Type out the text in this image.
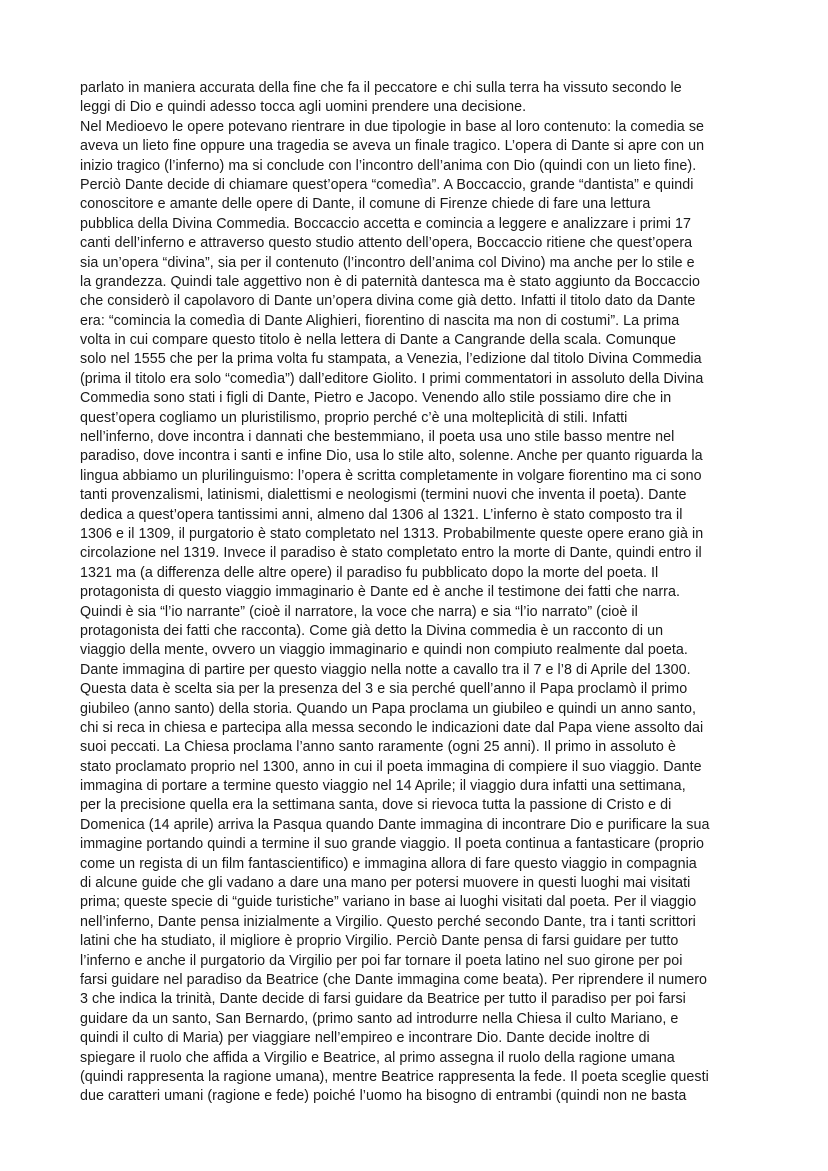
parlato in maniera accurata della fine che fa il peccatore e chi sulla terra ha vissuto secondo le
leggi di Dio e quindi adesso tocca agli uomini prendere una decisione.
Nel Medioevo le opere potevano rientrare in due tipologie in base al loro contenuto: la comedia se
aveva un lieto fine oppure una tragedia se aveva un finale tragico. L’opera di Dante si apre con un
inizio tragico (l’inferno) ma si conclude con l’incontro dell’anima con Dio (quindi con un lieto fine).
Perciò Dante decide di chiamare quest’opera “comedìa”. A Boccaccio, grande “dantista” e quindi
conoscitore e amante delle opere di Dante, il comune di Firenze chiede di fare una lettura
pubblica della Divina Commedia. Boccaccio accetta e comincia a leggere e analizzare i primi 17
canti dell’inferno e attraverso questo studio attento dell’opera, Boccaccio ritiene che quest’opera
sia un’opera “divina”, sia per il contenuto (l’incontro dell’anima col Divino) ma anche per lo stile e
la grandezza. Quindi tale aggettivo non è di paternità dantesca ma è stato aggiunto da Boccaccio
che considerò il capolavoro di Dante un’opera divina come già detto. Infatti il titolo dato da Dante
era: “comincia la comedìa di Dante Alighieri, fiorentino di nascita ma non di costumi”. La prima
volta in cui compare questo titolo è nella lettera di Dante a Cangrande della scala. Comunque
solo nel 1555 che per la prima volta fu stampata, a Venezia, l’edizione dal titolo Divina Commedia
(prima il titolo era solo “comedìa”) dall’editore Giolito. I primi commentatori in assoluto della Divina
Commedia sono stati i figli di Dante, Pietro e Jacopo. Venendo allo stile possiamo dire che in
quest’opera cogliamo un pluristilismo, proprio perché c’è una molteplicità di stili. Infatti
nell’inferno, dove incontra i dannati che bestemmiano, il poeta usa uno stile basso mentre nel
paradiso, dove incontra i santi e infine Dio, usa lo stile alto, solenne. Anche per quanto riguarda la
lingua abbiamo un plurilinguismo: l’opera è scritta completamente in volgare fiorentino ma ci sono
tanti provenzalismi, latinismi, dialettismi e neologismi (termini nuovi che inventa il poeta). Dante
dedica a quest’opera tantissimi anni, almeno dal 1306 al 1321. L’inferno è stato composto tra il
1306 e il 1309, il purgatorio è stato completato nel 1313. Probabilmente queste opere erano già in
circolazione nel 1319. Invece il paradiso è stato completato entro la morte di Dante, quindi entro il
1321 ma (a differenza delle altre opere) il paradiso fu pubblicato dopo la morte del poeta. Il
protagonista di questo viaggio immaginario è Dante ed è anche il testimone dei fatti che narra.
Quindi è sia “l’io narrante” (cioè il narratore, la voce che narra) e sia “l’io narrato” (cioè il
protagonista dei fatti che racconta). Come già detto la Divina commedia è un racconto di un
viaggio della mente, ovvero un viaggio immaginario e quindi non compiuto realmente dal poeta.
Dante immagina di partire per questo viaggio nella notte a cavallo tra il 7 e l’8 di Aprile del 1300.
Questa data è scelta sia per la presenza del 3 e sia perché quell’anno il Papa proclamò il primo
giubileo (anno santo) della storia. Quando un Papa proclama un giubileo e quindi un anno santo,
chi si reca in chiesa e partecipa alla messa secondo le indicazioni date dal Papa viene assolto dai
suoi peccati. La Chiesa proclama l’anno santo raramente (ogni 25 anni). Il primo in assoluto è
stato proclamato proprio nel 1300, anno in cui il poeta immagina di compiere il suo viaggio. Dante
immagina di portare a termine questo viaggio nel 14 Aprile; il viaggio dura infatti una settimana,
per la precisione quella era la settimana santa, dove si rievoca tutta la passione di Cristo e di
Domenica (14 aprile) arriva la Pasqua quando Dante immagina di incontrare Dio e purificare la sua
immagine portando quindi a termine il suo grande viaggio. Il poeta continua a fantasticare (proprio
come un regista di un film fantascientifico) e immagina allora di fare questo viaggio in compagnia
di alcune guide che gli vadano a dare una mano per potersi muovere in questi luoghi mai visitati
prima; queste specie di “guide turistiche” variano in base ai luoghi visitati dal poeta. Per il viaggio
nell’inferno, Dante pensa inizialmente a Virgilio. Questo perché secondo Dante, tra i tanti scrittori
latini che ha studiato, il migliore è proprio Virgilio. Perciò Dante pensa di farsi guidare per tutto
l’inferno e anche il purgatorio da Virgilio per poi far tornare il poeta latino nel suo girone per poi
farsi guidare nel paradiso da Beatrice (che Dante immagina come beata). Per riprendere il numero
3 che indica la trinità, Dante decide di farsi guidare da Beatrice per tutto il paradiso per poi farsi
guidare da un santo, San Bernardo, (primo santo ad introdurre nella Chiesa il culto Mariano, e
quindi il culto di Maria) per viaggiare nell’empireo e incontrare Dio. Dante decide inoltre di
spiegare il ruolo che affida a Virgilio e Beatrice, al primo assegna il ruolo della ragione umana
(quindi rappresenta la ragione umana), mentre Beatrice rappresenta la fede. Il poeta sceglie questi
due caratteri umani (ragione e fede) poiché l’uomo ha bisogno di entrambi (quindi non ne basta
